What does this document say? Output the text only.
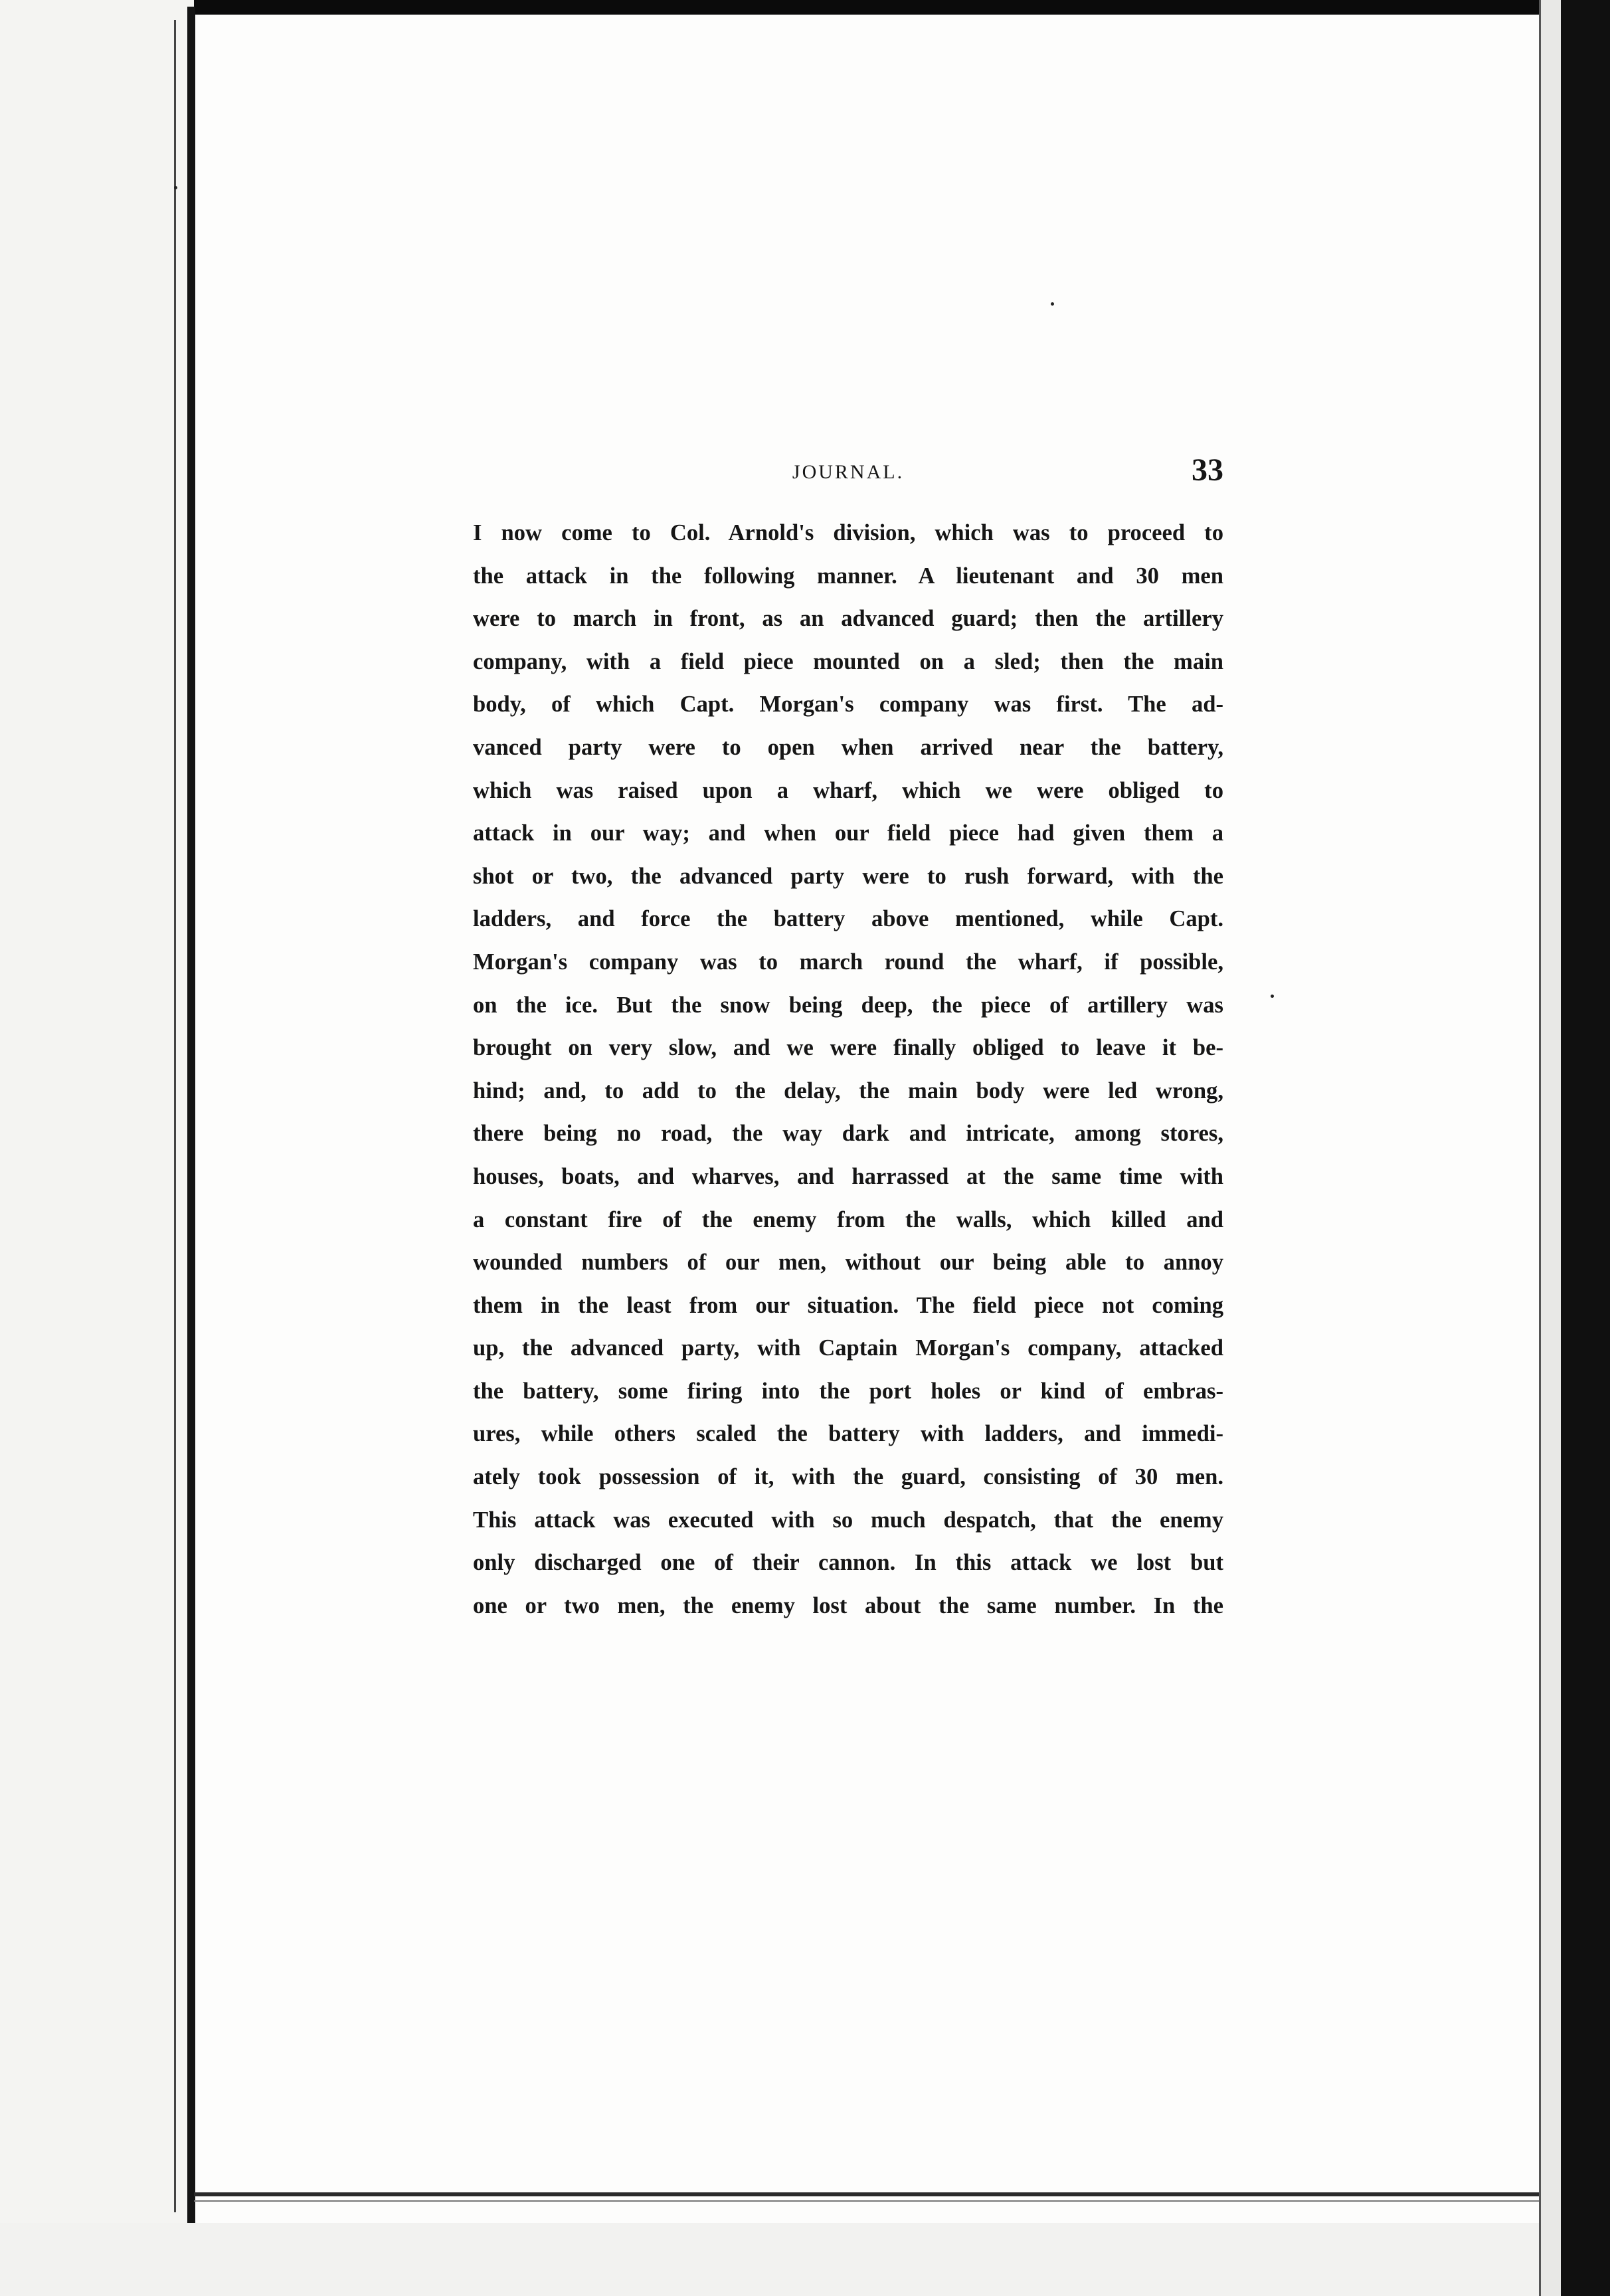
JOURNAL.	33
I now come to Col. Arnold's division, which was to proceed to
the attack in the following manner. A lieutenant and 30 men
were to march in front, as an advanced guard; then the artillery
company, with a field piece mounted on a sled; then the main
body, of which Capt. Morgan's company was first. The ad-
vanced party were to open when arrived near the battery,
which was raised upon a wharf, which we were obliged to
attack in our way; and when our field piece had given them a
shot or two, the advanced party were to rush forward, with the
ladders, and force the battery above mentioned, while Capt.
Morgan's company was to march round the wharf, if possible,
on the ice. But the snow being deep, the piece of artillery was
brought on very slow, and we were finally obliged to leave it be-
hind; and, to add to the delay, the main body were led wrong,
there being no road, the way dark and intricate, among stores,
houses, boats, and wharves, and harrassed at the same time with
a constant fire of the enemy from the walls, which killed and
wounded numbers of our men, without our being able to annoy
them in the least from our situation. The field piece not coming
up, the advanced party, with Captain Morgan's company, attacked
the battery, some firing into the port holes or kind of embras-
ures, while others scaled the battery with ladders, and immedi-
ately took possession of it, with the guard, consisting of 30 men.
This attack was executed with so much despatch, that the enemy
only discharged one of their cannon. In this attack we lost but
one or two men, the enemy lost about the same number. In the
